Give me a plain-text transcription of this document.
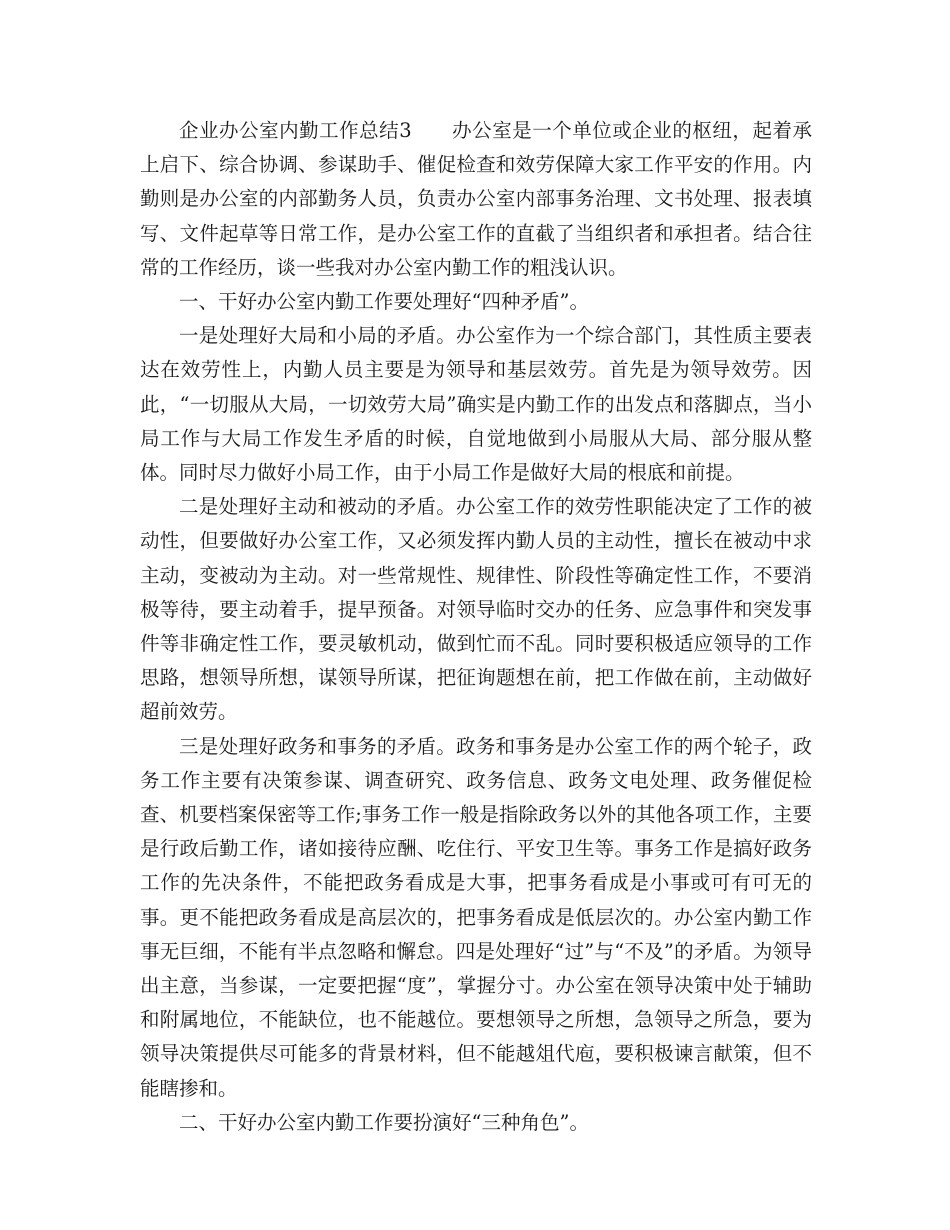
企业办公室内勤工作总结3　　办公室是一个单位或企业的枢纽，起着承上启下、综合协调、参谋助手、催促检查和效劳保障大家工作平安的作用。内勤则是办公室的内部勤务人员，负责办公室内部事务治理、文书处理、报表填写、文件起草等日常工作，是办公室工作的直截了当组织者和承担者。结合往常的工作经历，谈一些我对办公室内勤工作的粗浅认识。

一、干好办公室内勤工作要处理好“四种矛盾”。

一是处理好大局和小局的矛盾。办公室作为一个综合部门，其性质主要表达在效劳性上，内勤人员主要是为领导和基层效劳。首先是为领导效劳。因此，“一切服从大局，一切效劳大局”确实是内勤工作的出发点和落脚点，当小局工作与大局工作发生矛盾的时候，自觉地做到小局服从大局、部分服从整体。同时尽力做好小局工作，由于小局工作是做好大局的根底和前提。

二是处理好主动和被动的矛盾。办公室工作的效劳性职能决定了工作的被动性，但要做好办公室工作，又必须发挥内勤人员的主动性，擅长在被动中求主动，变被动为主动。对一些常规性、规律性、阶段性等确定性工作，不要消极等待，要主动着手，提早预备。对领导临时交办的任务、应急事件和突发事件等非确定性工作，要灵敏机动，做到忙而不乱。同时要积极适应领导的工作思路，想领导所想，谋领导所谋，把征询题想在前，把工作做在前，主动做好超前效劳。

三是处理好政务和事务的矛盾。政务和事务是办公室工作的两个轮子，政务工作主要有决策参谋、调查研究、政务信息、政务文电处理、政务催促检查、机要档案保密等工作;事务工作一般是指除政务以外的其他各项工作，主要是行政后勤工作，诸如接待应酬、吃住行、平安卫生等。事务工作是搞好政务工作的先决条件，不能把政务看成是大事，把事务看成是小事或可有可无的事。更不能把政务看成是高层次的，把事务看成是低层次的。办公室内勤工作事无巨细，不能有半点忽略和懈怠。四是处理好“过”与“不及”的矛盾。为领导出主意，当参谋，一定要把握“度”，掌握分寸。办公室在领导决策中处于辅助和附属地位，不能缺位，也不能越位。要想领导之所想，急领导之所急，要为领导决策提供尽可能多的背景材料，但不能越俎代庖，要积极谏言献策，但不能瞎掺和。

二、干好办公室内勤工作要扮演好“三种角色”。
